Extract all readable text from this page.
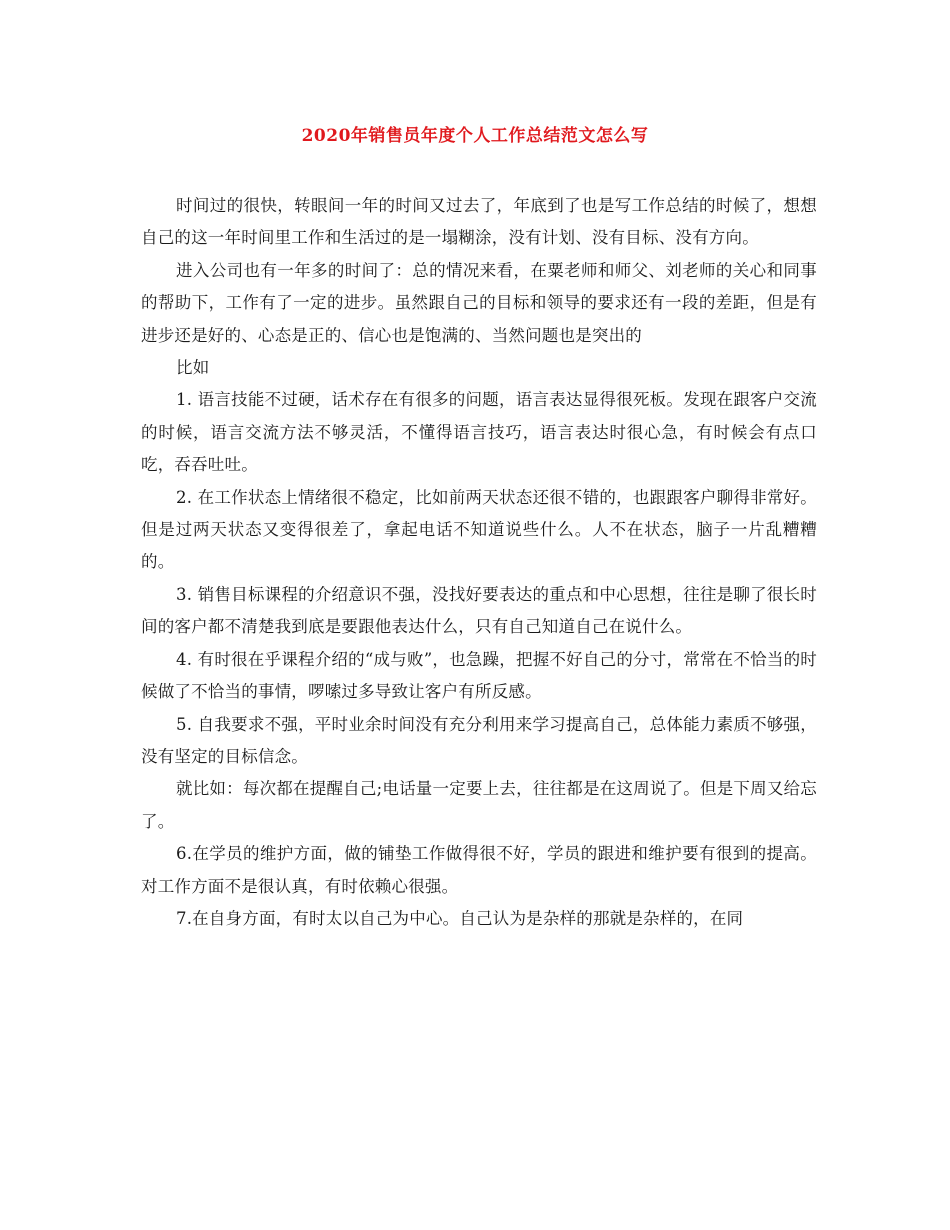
2020年销售员年度个人工作总结范文怎么写

时间过的很快，转眼间一年的时间又过去了，年底到了也是写工作总结的时候了，想想自己的这一年时间里工作和生活过的是一塌糊涂，没有计划、没有目标、没有方向。

进入公司也有一年多的时间了：总的情况来看，在粟老师和师父、刘老师的关心和同事的帮助下，工作有了一定的进步。虽然跟自己的目标和领导的要求还有一段的差距，但是有进步还是好的、心态是正的、信心也是饱满的、当然问题也是突出的

比如

1. 语言技能不过硬，话术存在有很多的问题，语言表达显得很死板。发现在跟客户交流的时候，语言交流方法不够灵活，不懂得语言技巧，语言表达时很心急，有时候会有点口吃，吞吞吐吐。

2. 在工作状态上情绪很不稳定，比如前两天状态还很不错的，也跟跟客户聊得非常好。但是过两天状态又变得很差了，拿起电话不知道说些什么。人不在状态，脑子一片乱糟糟的。

3. 销售目标课程的介绍意识不强，没找好要表达的重点和中心思想，往往是聊了很长时间的客户都不清楚我到底是要跟他表达什么，只有自己知道自己在说什么。

4. 有时很在乎课程介绍的“成与败”，也急躁，把握不好自己的分寸，常常在不恰当的时候做了不恰当的事情，啰嗦过多导致让客户有所反感。

5. 自我要求不强，平时业余时间没有充分利用来学习提高自己，总体能力素质不够强，没有坚定的目标信念。

就比如：每次都在提醒自己;电话量一定要上去，往往都是在这周说了。但是下周又给忘了。

6.在学员的维护方面，做的铺垫工作做得很不好，学员的跟进和维护要有很到的提高。对工作方面不是很认真，有时依赖心很强。

7.在自身方面，有时太以自己为中心。自己认为是杂样的那就是杂样的，在同
